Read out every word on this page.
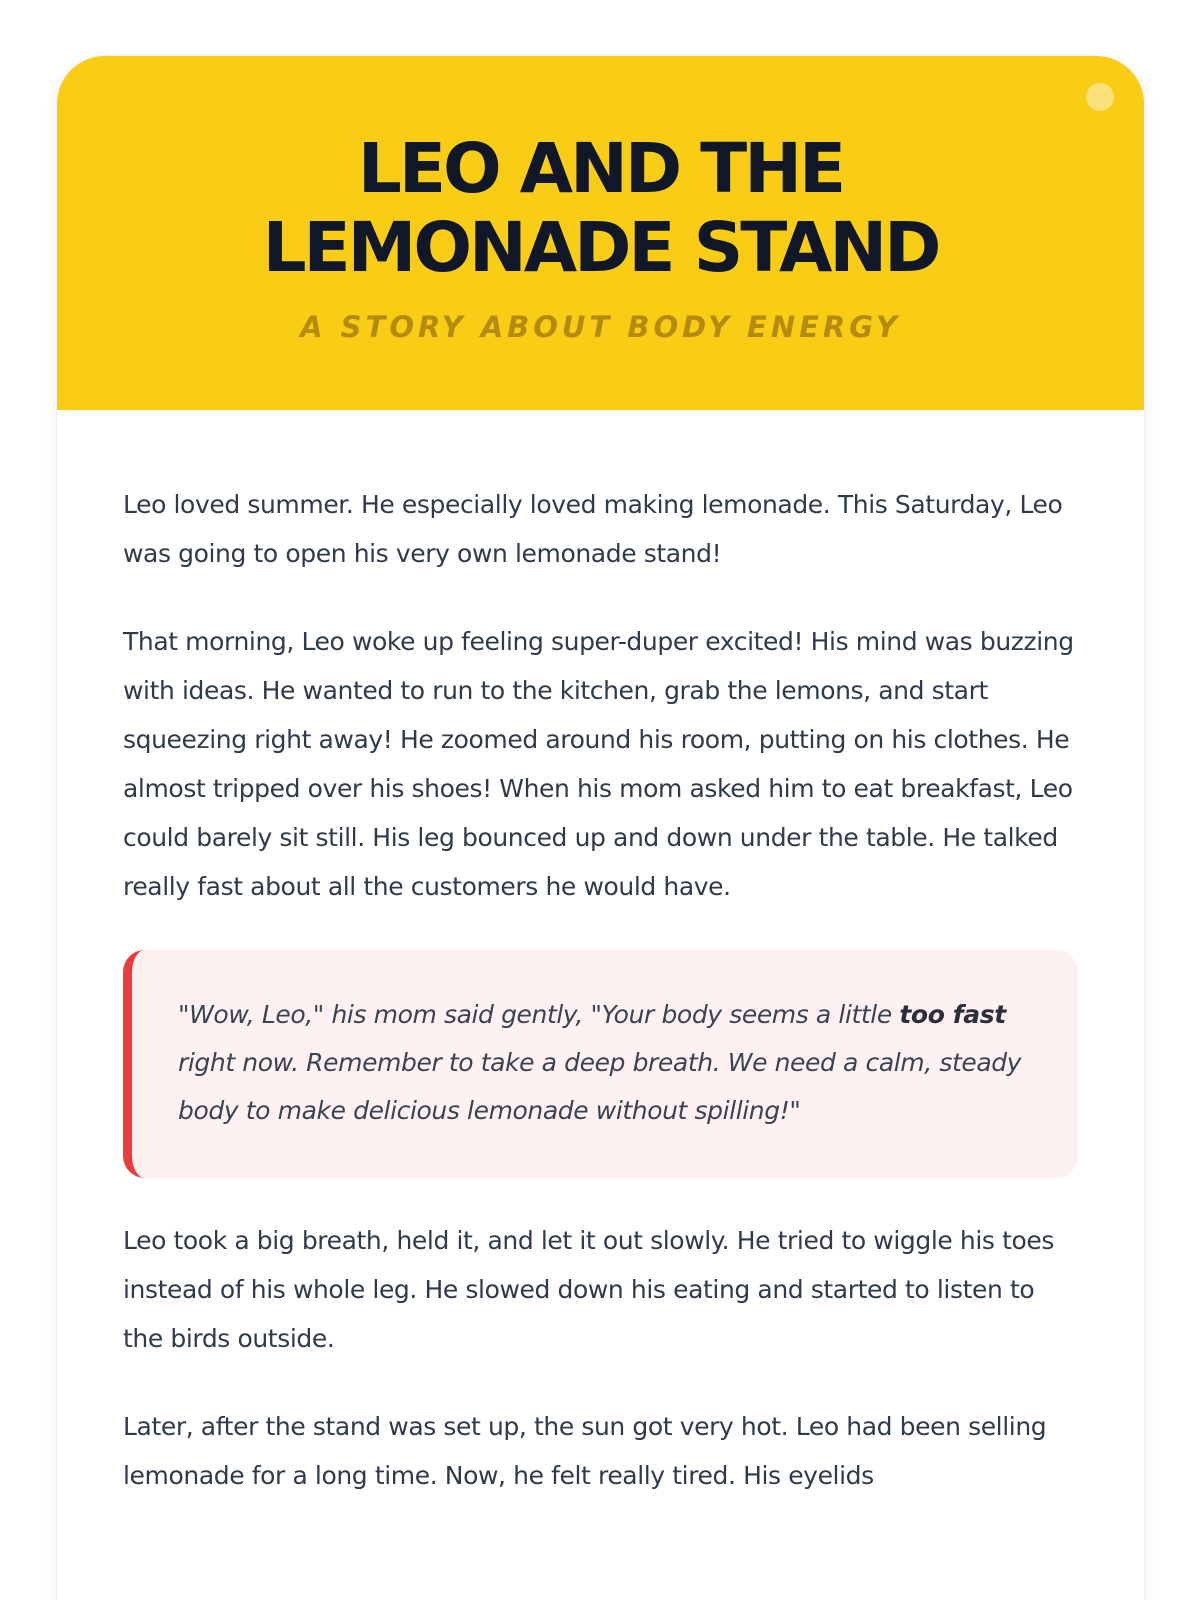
LEO AND THE
LEMONADE STAND
A STORY ABOUT BODY ENERGY

Leo loved summer. He especially loved making lemonade. This Saturday, Leo was going to open his very own lemonade stand!

That morning, Leo woke up feeling super-duper excited! His mind was buzzing with ideas. He wanted to run to the kitchen, grab the lemons, and start squeezing right away! He zoomed around his room, putting on his clothes. He almost tripped over his shoes! When his mom asked him to eat breakfast, Leo could barely sit still. His leg bounced up and down under the table. He talked really fast about all the customers he would have.

"Wow, Leo," his mom said gently, "Your body seems a little too fast right now. Remember to take a deep breath. We need a calm, steady body to make delicious lemonade without spilling!"

Leo took a big breath, held it, and let it out slowly. He tried to wiggle his toes instead of his whole leg. He slowed down his eating and started to listen to the birds outside.

Later, after the stand was set up, the sun got very hot. Leo had been selling lemonade for a long time. Now, he felt really tired. His eyelids
